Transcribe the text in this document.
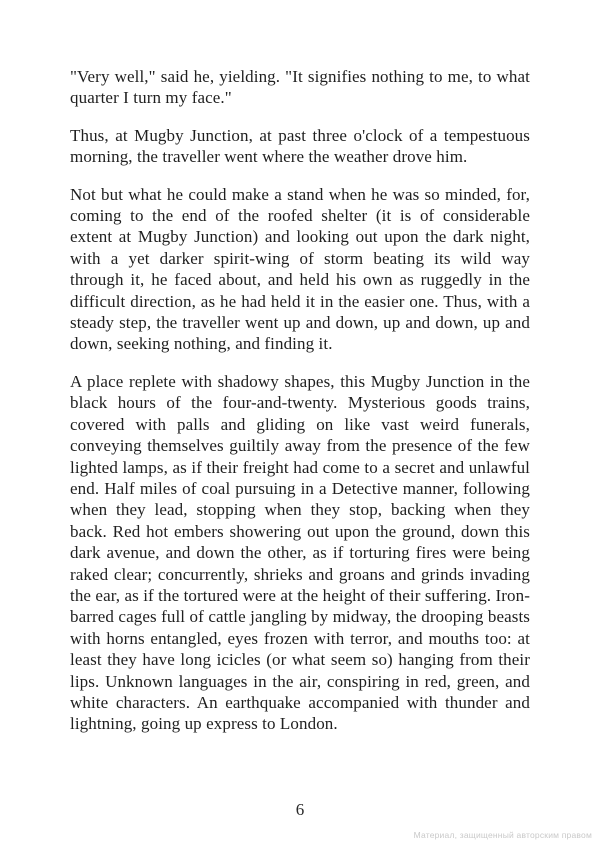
"Very well," said he, yielding. "It signifies nothing to me, to what quarter I turn my face."

Thus, at Mugby Junction, at past three o'clock of a tempestuous morning, the traveller went where the weather drove him.

Not but what he could make a stand when he was so minded, for, coming to the end of the roofed shelter (it is of considerable extent at Mugby Junction) and looking out upon the dark night, with a yet darker spirit-wing of storm beating its wild way through it, he faced about, and held his own as ruggedly in the difficult direction, as he had held it in the easier one. Thus, with a steady step, the traveller went up and down, up and down, up and down, seeking nothing, and finding it.

A place replete with shadowy shapes, this Mugby Junction in the black hours of the four-and-twenty. Mysterious goods trains, covered with palls and gliding on like vast weird funerals, conveying themselves guiltily away from the presence of the few lighted lamps, as if their freight had come to a secret and unlawful end. Half miles of coal pursuing in a Detective manner, following when they lead, stopping when they stop, backing when they back. Red hot embers showering out upon the ground, down this dark avenue, and down the other, as if torturing fires were being raked clear; concurrently, shrieks and groans and grinds invading the ear, as if the tortured were at the height of their suffering. Iron-barred cages full of cattle jangling by midway, the drooping beasts with horns entangled, eyes frozen with terror, and mouths too: at least they have long icicles (or what seem so) hanging from their lips. Unknown languages in the air, conspiring in red, green, and white characters. An earthquake accompanied with thunder and lightning, going up express to London.

6
Материал, защищенный авторским правом
